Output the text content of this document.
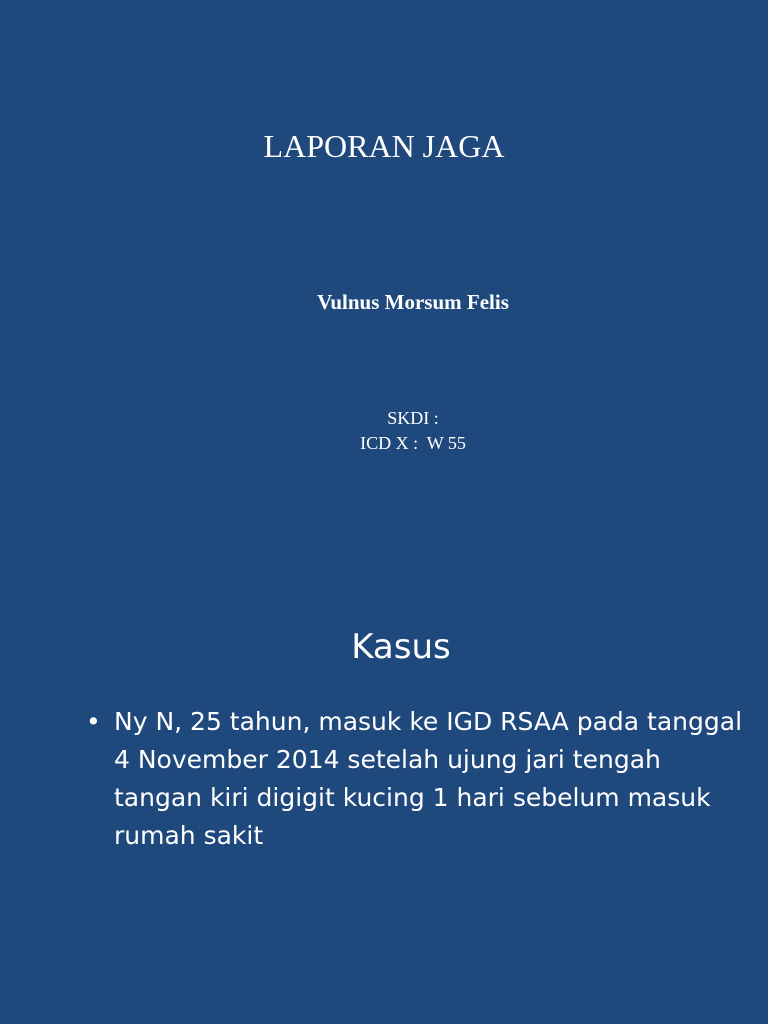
LAPORAN JAGA
Vulnus Morsum Felis
SKDI :
ICD X :  W 55
Kasus
• Ny N, 25 tahun, masuk ke IGD RSAA pada tanggal 4 November 2014 setelah ujung jari tengah tangan kiri digigit kucing 1 hari sebelum masuk rumah sakit
